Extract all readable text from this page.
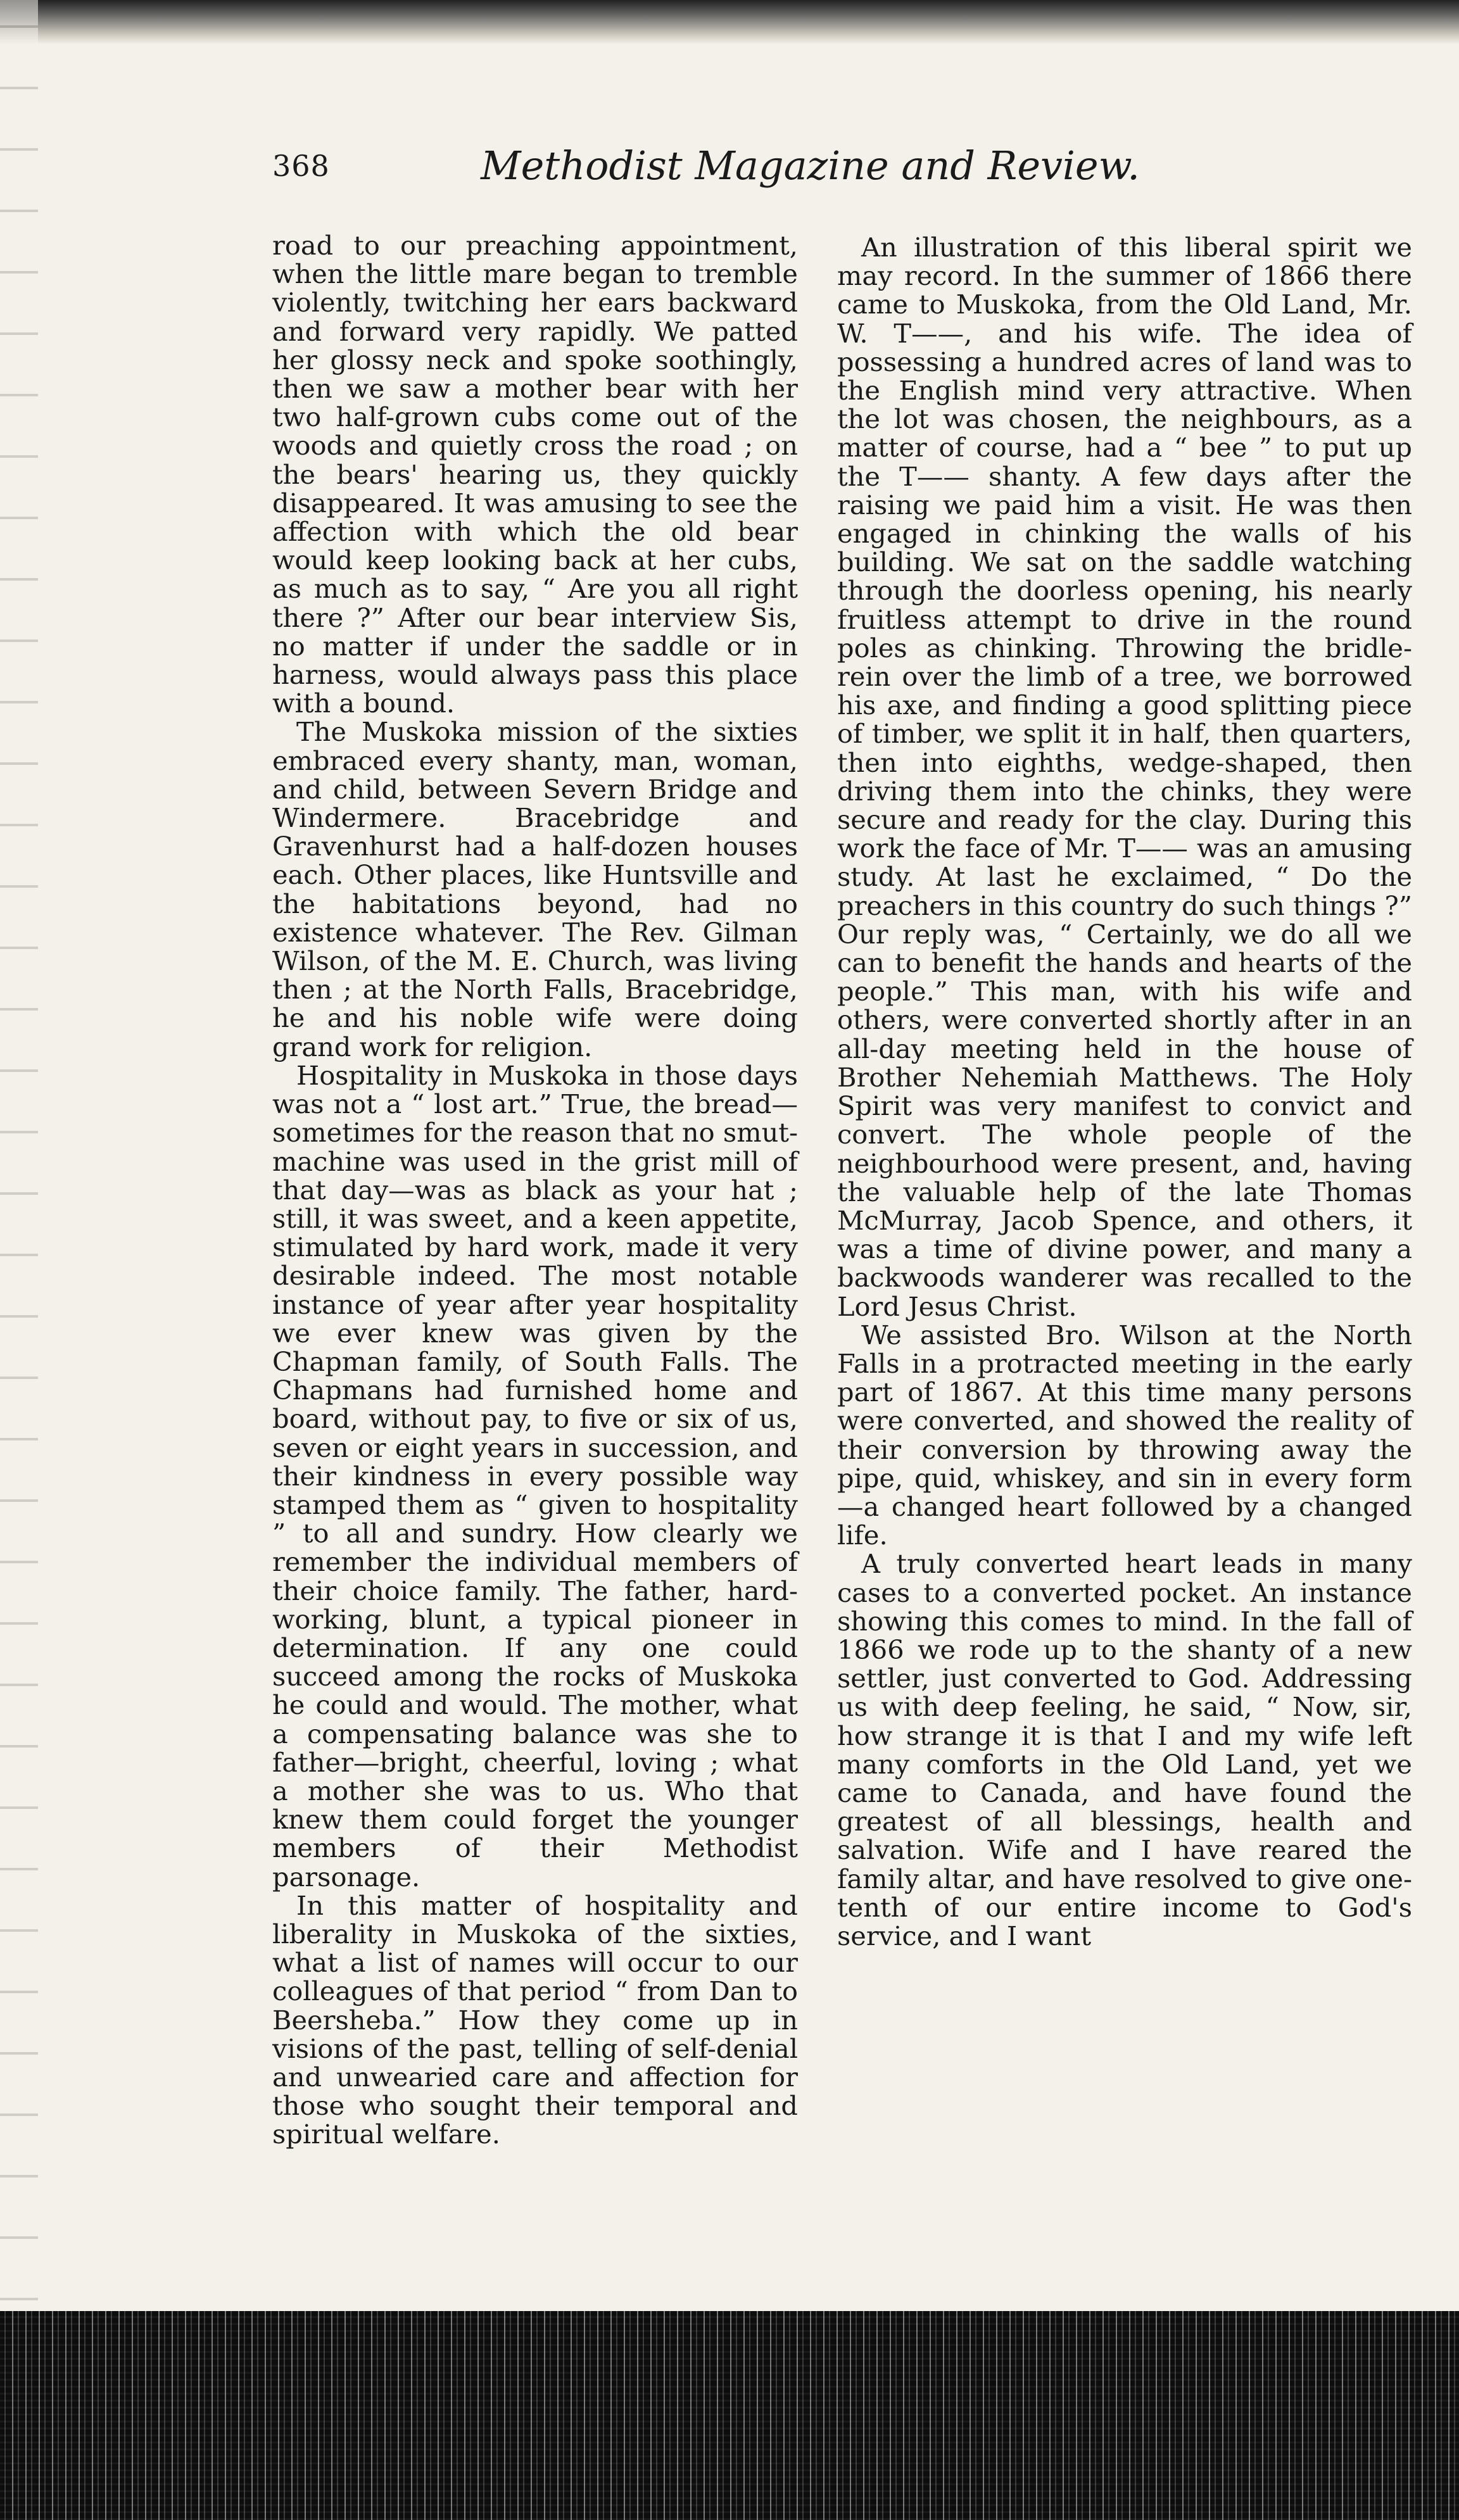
368	Methodist Magazine and Review.

road to our preaching appointment, when the little mare began to tremble violently, twitching her ears backward and forward very rapidly. We patted her glossy neck and spoke soothingly, then we saw a mother bear with her two half-grown cubs come out of the woods and quietly cross the road ; on the bears' hearing us, they quickly disappeared. It was amusing to see the affection with which the old bear would keep looking back at her cubs, as much as to say, “ Are you all right there ?” After our bear interview Sis, no matter if under the saddle or in harness, would always pass this place with a bound.

The Muskoka mission of the sixties embraced every shanty, man, woman, and child, between Severn Bridge and Windermere. Bracebridge and Gravenhurst had a half-dozen houses each. Other places, like Huntsville and the habitations beyond, had no existence whatever. The Rev. Gilman Wilson, of the M. E. Church, was living then ; at the North Falls, Bracebridge, he and his noble wife were doing grand work for religion.

Hospitality in Muskoka in those days was not a “ lost art.” True, the bread—sometimes for the reason that no smut-machine was used in the grist mill of that day—was as black as your hat ; still, it was sweet, and a keen appetite, stimulated by hard work, made it very desirable indeed. The most notable instance of year after year hospitality we ever knew was given by the Chapman family, of South Falls. The Chapmans had furnished home and board, without pay, to five or six of us, seven or eight years in succession, and their kindness in every possible way stamped them as “ given to hospitality ” to all and sundry. How clearly we remember the individual members of their choice family. The father, hard-working, blunt, a typical pioneer in determination. If any one could succeed among the rocks of Muskoka he could and would. The mother, what a compensating balance was she to father—bright, cheerful, loving ; what a mother she was to us. Who that knew them could forget the younger members of their Methodist parsonage.

In this matter of hospitality and liberality in Muskoka of the sixties, what a list of names will occur to our colleagues of that period “ from Dan to Beersheba.” How they come up in visions of the past, telling of self-denial and unwearied care and affection for those who sought their temporal and spiritual welfare.

An illustration of this liberal spirit we may record. In the summer of 1866 there came to Muskoka, from the Old Land, Mr. W. T——, and his wife. The idea of possessing a hundred acres of land was to the English mind very attractive. When the lot was chosen, the neighbours, as a matter of course, had a “ bee ” to put up the T—— shanty. A few days after the raising we paid him a visit. He was then engaged in chinking the walls of his building. We sat on the saddle watching through the doorless opening, his nearly fruitless attempt to drive in the round poles as chinking. Throwing the bridle-rein over the limb of a tree, we borrowed his axe, and finding a good splitting piece of timber, we split it in half, then quarters, then into eighths, wedge-shaped, then driving them into the chinks, they were secure and ready for the clay. During this work the face of Mr. T—— was an amusing study. At last he exclaimed, “ Do the preachers in this country do such things ?” Our reply was, “ Certainly, we do all we can to benefit the hands and hearts of the people.” This man, with his wife and others, were converted shortly after in an all-day meeting held in the house of Brother Nehemiah Matthews. The Holy Spirit was very manifest to convict and convert. The whole people of the neighbourhood were present, and, having the valuable help of the late Thomas McMurray, Jacob Spence, and others, it was a time of divine power, and many a backwoods wanderer was recalled to the Lord Jesus Christ.

We assisted Bro. Wilson at the North Falls in a protracted meeting in the early part of 1867. At this time many persons were converted, and showed the reality of their conversion by throwing away the pipe, quid, whiskey, and sin in every form—a changed heart followed by a changed life.

A truly converted heart leads in many cases to a converted pocket. An instance showing this comes to mind. In the fall of 1866 we rode up to the shanty of a new settler, just converted to God. Addressing us with deep feeling, he said, “ Now, sir, how strange it is that I and my wife left many comforts in the Old Land, yet we came to Canada, and have found the greatest of all blessings, health and salvation. Wife and I have reared the family altar, and have resolved to give one-tenth of our entire income to God's service, and I want
